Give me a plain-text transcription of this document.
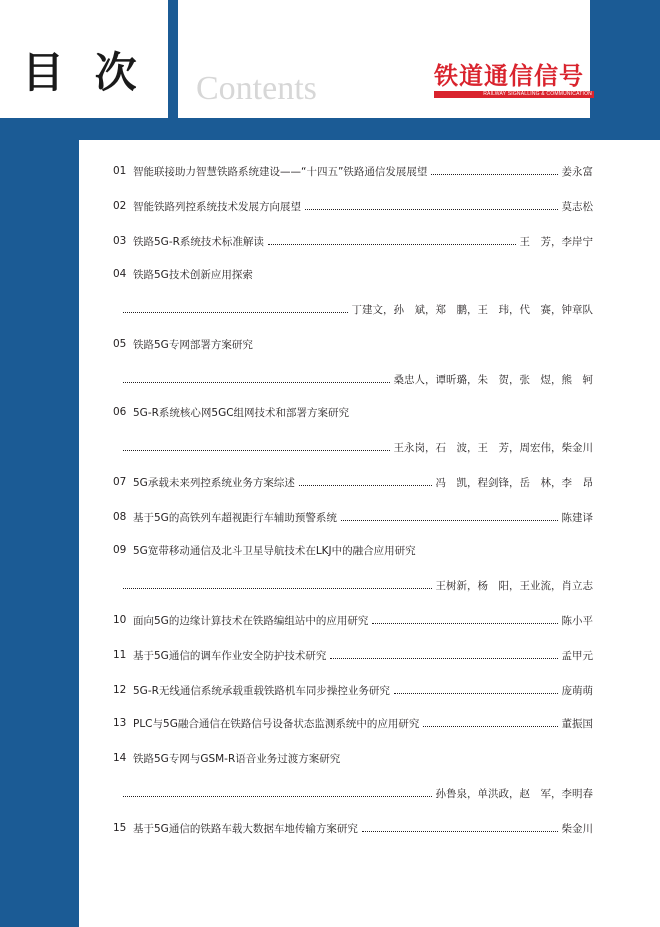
目 次 Contents	铁道通信信号
RAILWAY SIGNALLING & COMMUNICATION
01 智能联接助力智慧铁路系统建设——“十四五”铁路通信发展展望	姜永富
02 智能铁路列控系统技术发展方向展望	莫志松
03 铁路5G-R系统技术标准解读	王　芳，李岸宁
04 铁路5G技术创新应用探索
丁建文，孙　斌，郑　鹏，王　玮，代　赛，钟章队
05 铁路5G专网部署方案研究
桑忠人，谭昕璐，朱　贺，张　煜，熊　轲
06 5G-R系统核心网5GC组网技术和部署方案研究
王永岗，石　波，王　芳，周宏伟，柴金川
07 5G承载未来列控系统业务方案综述	冯　凯，程剑锋，岳　林，李　昂
08 基于5G的高铁列车超视距行车辅助预警系统	陈建译
09 5G宽带移动通信及北斗卫星导航技术在LKJ中的融合应用研究
王树新，杨　阳，王业流，肖立志
10 面向5G的边缘计算技术在铁路编组站中的应用研究	陈小平
11 基于5G通信的调车作业安全防护技术研究	孟甲元
12 5G-R无线通信系统承载重载铁路机车同步操控业务研究	庞萌萌
13 PLC与5G融合通信在铁路信号设备状态监测系统中的应用研究	董振国
14 铁路5G专网与GSM-R语音业务过渡方案研究
孙鲁泉，单洪政，赵　军，李明春
15 基于5G通信的铁路车载大数据车地传输方案研究	柴金川
